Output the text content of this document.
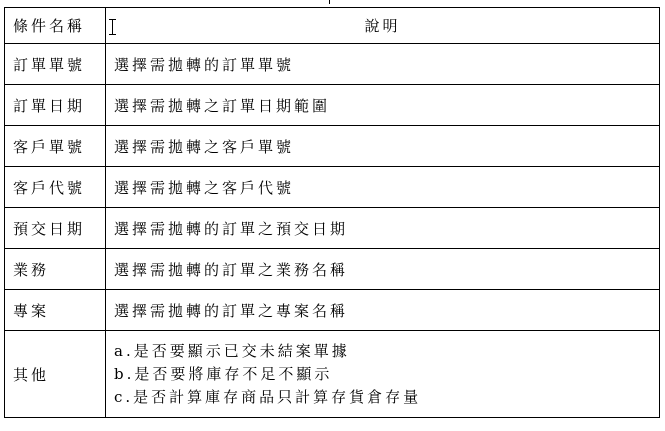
條件名稱	說明
訂單單號	選擇需拋轉的訂單單號
訂單日期	選擇需拋轉之訂單日期範圍
客戶單號	選擇需拋轉之客戶單號
客戶代號	選擇需拋轉之客戶代號
預交日期	選擇需拋轉的訂單之預交日期
業務	選擇需拋轉的訂單之業務名稱
專案	選擇需拋轉的訂單之專案名稱
其他	a.是否要顯示已交未結案單據
b.是否要將庫存不足不顯示
c.是否計算庫存商品只計算存貨倉存量
